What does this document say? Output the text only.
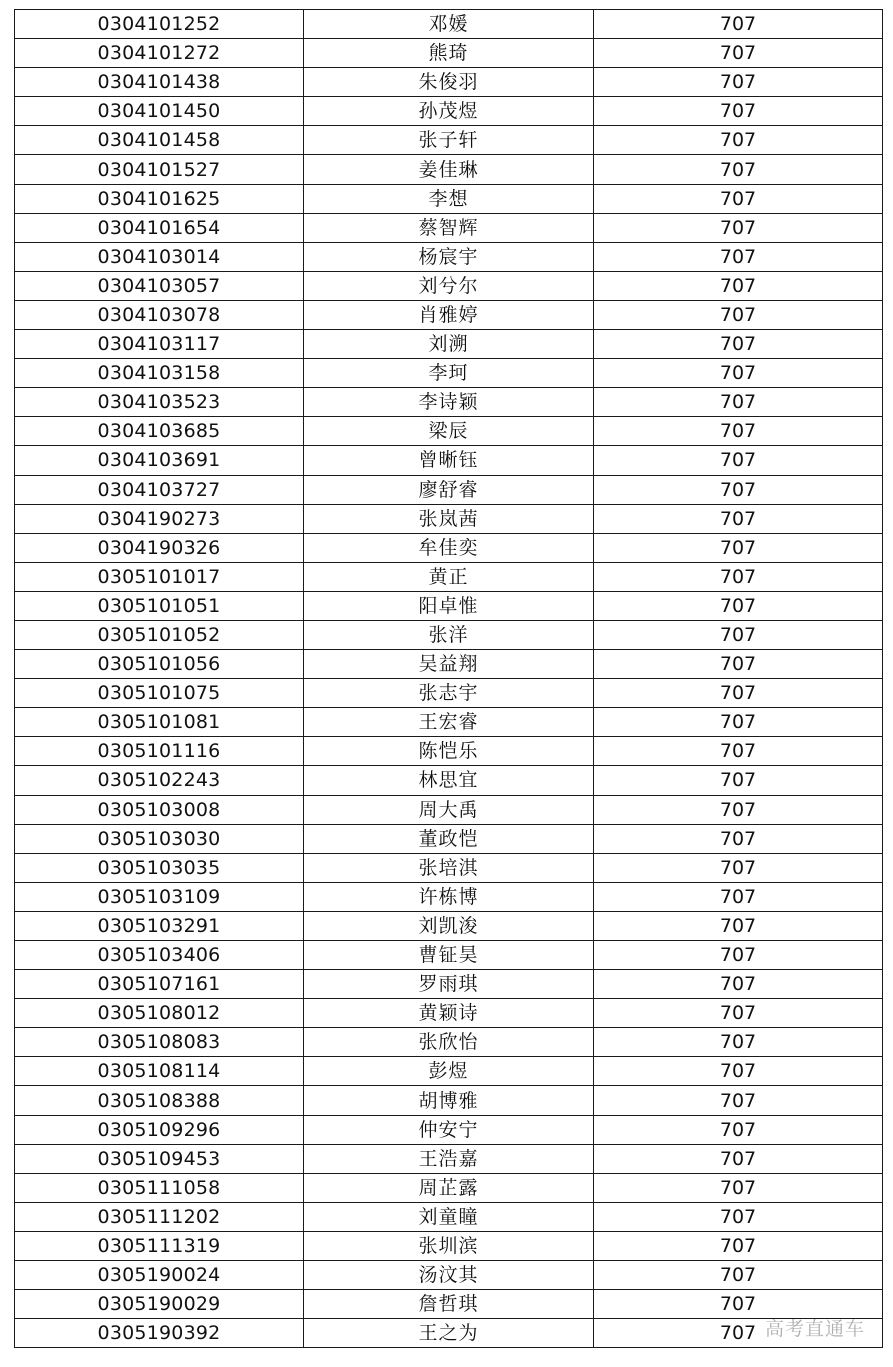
0304101252	邓媛	707
0304101272	熊琦	707
0304101438	朱俊羽	707
0304101450	孙茂煜	707
0304101458	张子轩	707
0304101527	姜佳琳	707
0304101625	李想	707
0304101654	蔡智辉	707
0304103014	杨宸宇	707
0304103057	刘兮尔	707
0304103078	肖雅婷	707
0304103117	刘溯	707
0304103158	李珂	707
0304103523	李诗颖	707
0304103685	梁辰	707
0304103691	曾晰钰	707
0304103727	廖舒睿	707
0304190273	张岚茜	707
0304190326	牟佳奕	707
0305101017	黄正	707
0305101051	阳卓惟	707
0305101052	张洋	707
0305101056	吴益翔	707
0305101075	张志宇	707
0305101081	王宏睿	707
0305101116	陈恺乐	707
0305102243	林思宜	707
0305103008	周大禹	707
0305103030	董政恺	707
0305103035	张培淇	707
0305103109	许栋博	707
0305103291	刘凯浚	707
0305103406	曹钲昊	707
0305107161	罗雨琪	707
0305108012	黄颖诗	707
0305108083	张欣怡	707
0305108114	彭煜	707
0305108388	胡博雅	707
0305109296	仲安宁	707
0305109453	王浩嘉	707
0305111058	周芷露	707
0305111202	刘童瞳	707
0305111319	张圳滨	707
0305190024	汤汶其	707
0305190029	詹哲琪	707
0305190392	王之为	707 高考直通车
